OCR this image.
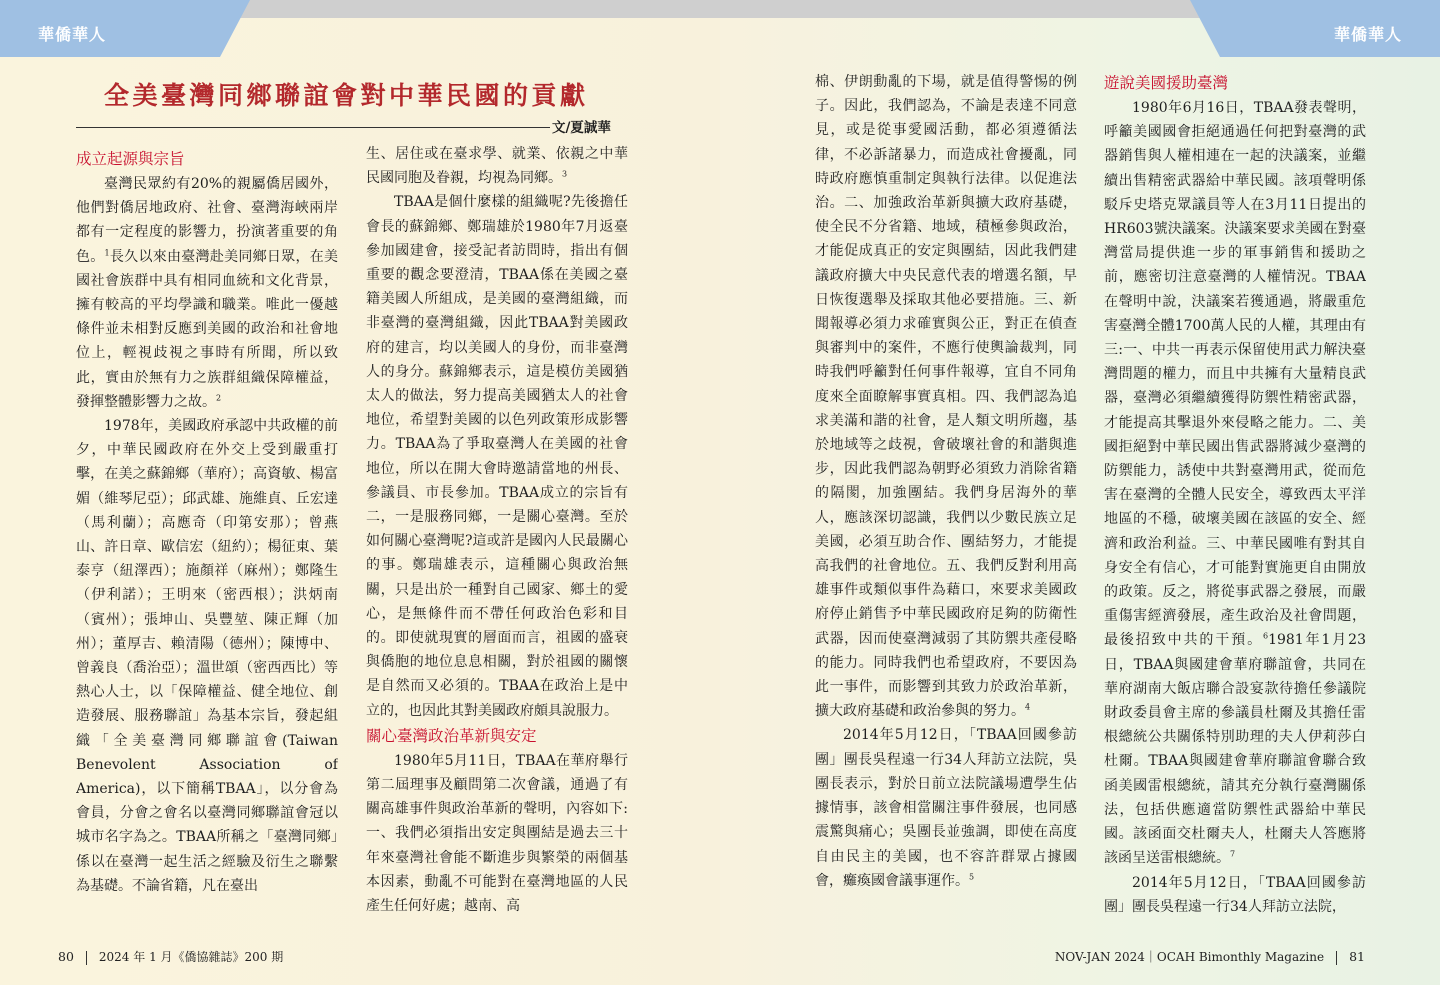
華僑華人	華僑華人
全美臺灣同鄉聯誼會對中華民國的貢獻
文/夏誠華
成立起源與宗旨

臺灣民眾約有20%的親屬僑居國外，他們對僑居地政府、社會、臺灣海峽兩岸都有一定程度的影響力，扮演著重要的角色。$^1$長久以來由臺灣赴美同鄉日眾，在美國社會族群中具有相同血統和文化背景，擁有較高的平均學識和職業。唯此一優越條件並未相對反應到美國的政治和社會地位上，輕視歧視之事時有所聞，所以致此，實由於無有力之族群組織保障權益，發揮整體影響力之故。$^2$

1978年，美國政府承認中共政權的前夕，中華民國政府在外交上受到嚴重打擊，在美之蘇錦鄉（華府）；高資敏、楊富媚（維琴尼亞）；邱武雄、施維貞、丘宏達（馬利蘭）；高應奇（印第安那）；曾燕山、許日章、歐信宏（紐約）；楊征東、葉泰亨（紐澤西）；施顏祥（麻州）；鄭隆生（伊利諾）；王明來（密西根）；洪炳南（賓州）；張坤山、吳豐堃、陳正輝（加州）；董厚吉、賴清陽（德州）；陳博中、曾義良（喬治亞）；溫世頌（密西西比）等熱心人士，以「保障權益、健全地位、創造發展、服務聯誼」為基本宗旨，發起組織「全美臺灣同鄉聯誼會(Taiwan Benevolent Association of America)，以下簡稱TBAA」，以分會為會員，分會之會名以臺灣同鄉聯誼會冠以城市名字為之。TBAA所稱之「臺灣同鄉」係以在臺灣一起生活之經驗及衍生之聯繫為基礎。不論省籍，凡在臺出

生、居住或在臺求學、就業、依親之中華民國同胞及眷親，均視為同鄉。$^3$

TBAA是個什麼樣的組織呢?先後擔任會長的蘇錦鄉、鄭瑞雄於1980年7月返臺參加國建會，接受記者訪問時，指出有個重要的觀念要澄清，TBAA係在美國之臺籍美國人所組成，是美國的臺灣組織，而非臺灣的臺灣組織，因此TBAA對美國政府的建言，均以美國人的身份，而非臺灣人的身分。蘇錦鄉表示，這是模仿美國猶太人的做法，努力提高美國猶太人的社會地位，希望對美國的以色列政策形成影響力。TBAA為了爭取臺灣人在美國的社會地位，所以在開大會時邀請當地的州長、參議員、市長參加。TBAA成立的宗旨有二，一是服務同鄉，一是關心臺灣。至於如何關心臺灣呢?這或許是國內人民最關心的事。鄭瑞雄表示，這種關心與政治無關，只是出於一種對自己國家、鄉土的愛心，是無條件而不帶任何政治色彩和目的。即使就現實的層面而言，祖國的盛衰與僑胞的地位息息相關，對於祖國的關懷是自然而又必須的。TBAA在政治上是中立的，也因此其對美國政府頗具說服力。

關心臺灣政治革新與安定

1980年5月11日，TBAA在華府舉行第二屆理事及顧問第二次會議，通過了有關高雄事件與政治革新的聲明，內容如下:一、我們必須指出安定與團結是過去三十年來臺灣社會能不斷進步與繁榮的兩個基本因素，動亂不可能對在臺灣地區的人民產生任何好處；越南、高

棉、伊朗動亂的下場，就是值得警惕的例子。因此，我們認為，不論是表達不同意見，或是從事愛國活動，都必須遵循法律，不必訴諸暴力，而造成社會擾亂，同時政府應慎重制定與執行法律。以促進法治。二、加強政治革新與擴大政府基礎，使全民不分省籍、地域，積極參與政治，才能促成真正的安定與團結，因此我們建議政府擴大中央民意代表的增選名額，早日恢復選舉及採取其他必要措施。三、新聞報導必須力求確實與公正，對正在偵查與審判中的案件，不應行使輿論裁判，同時我們呼籲對任何事件報導，宜自不同角度來全面瞭解事實真相。四、我們認為追求美滿和諧的社會，是人類文明所趨，基於地域等之歧視，會破壞社會的和諧與進步，因此我們認為朝野必須致力消除省籍的隔閡，加強團結。我們身居海外的華人，應該深切認識，我們以少數民族立足美國，必須互助合作、團結努力，才能提高我們的社會地位。五、我們反對利用高雄事件或類似事件為藉口，來要求美國政府停止銷售予中華民國政府足夠的防衛性武器，因而使臺灣減弱了其防禦共產侵略的能力。同時我們也希望政府，不要因為此一事件，而影響到其致力於政治革新，擴大政府基礎和政治參與的努力。$^4$

2014年5月12日，「TBAA回國參訪團」團長吳程遠一行34人拜訪立法院，吳團長表示，對於日前立法院議場遭學生佔據情事，該會相當關注事件發展，也同感震驚與痛心；吳團長並強調，即使在高度自由民主的美國，也不容許群眾占據國會，癱瘓國會議事運作。$^5$

遊說美國援助臺灣

1980年6月16日，TBAA發表聲明，呼籲美國國會拒絕通過任何把對臺灣的武器銷售與人權相連在一起的決議案，並繼續出售精密武器給中華民國。該項聲明係駁斥史塔克眾議員等人在3月11日提出的HR603號決議案。決議案要求美國在對臺灣當局提供進一步的軍事銷售和援助之前，應密切注意臺灣的人權情況。TBAA在聲明中說，決議案若獲通過，將嚴重危害臺灣全體1700萬人民的人權，其理由有三:一、中共一再表示保留使用武力解決臺灣問題的權力，而且中共擁有大量精良武器，臺灣必須繼續獲得防禦性精密武器，才能提高其擊退外來侵略之能力。二、美國拒絕對中華民國出售武器將減少臺灣的防禦能力，誘使中共對臺灣用武，從而危害在臺灣的全體人民安全，導致西太平洋地區的不穩，破壞美國在該區的安全、經濟和政治利益。三、中華民國唯有對其自身安全有信心，才可能對實施更自由開放的政策。反之，將從事武器之發展，而嚴重傷害經濟發展，產生政治及社會問題，最後招致中共的干預。$^6$1981年1月23日，TBAA與國建會華府聯誼會，共同在華府湖南大飯店聯合設宴款待擔任參議院財政委員會主席的參議員杜爾及其擔任雷根總統公共關係特別助理的夫人伊莉莎白杜爾。TBAA與國建會華府聯誼會聯合致函美國雷根總統，請其充分執行臺灣關係法，包括供應適當防禦性武器給中華民國。該函面交杜爾夫人，杜爾夫人答應將該函呈送雷根總統。$^7$

2014年5月12日，「TBAA回國參訪團」團長吳程遠一行34人拜訪立法院，

80 2024 年 1 月《僑協雜誌》200 期	NOV-JAN 2024｜OCAH Bimonthly Magazine 81
